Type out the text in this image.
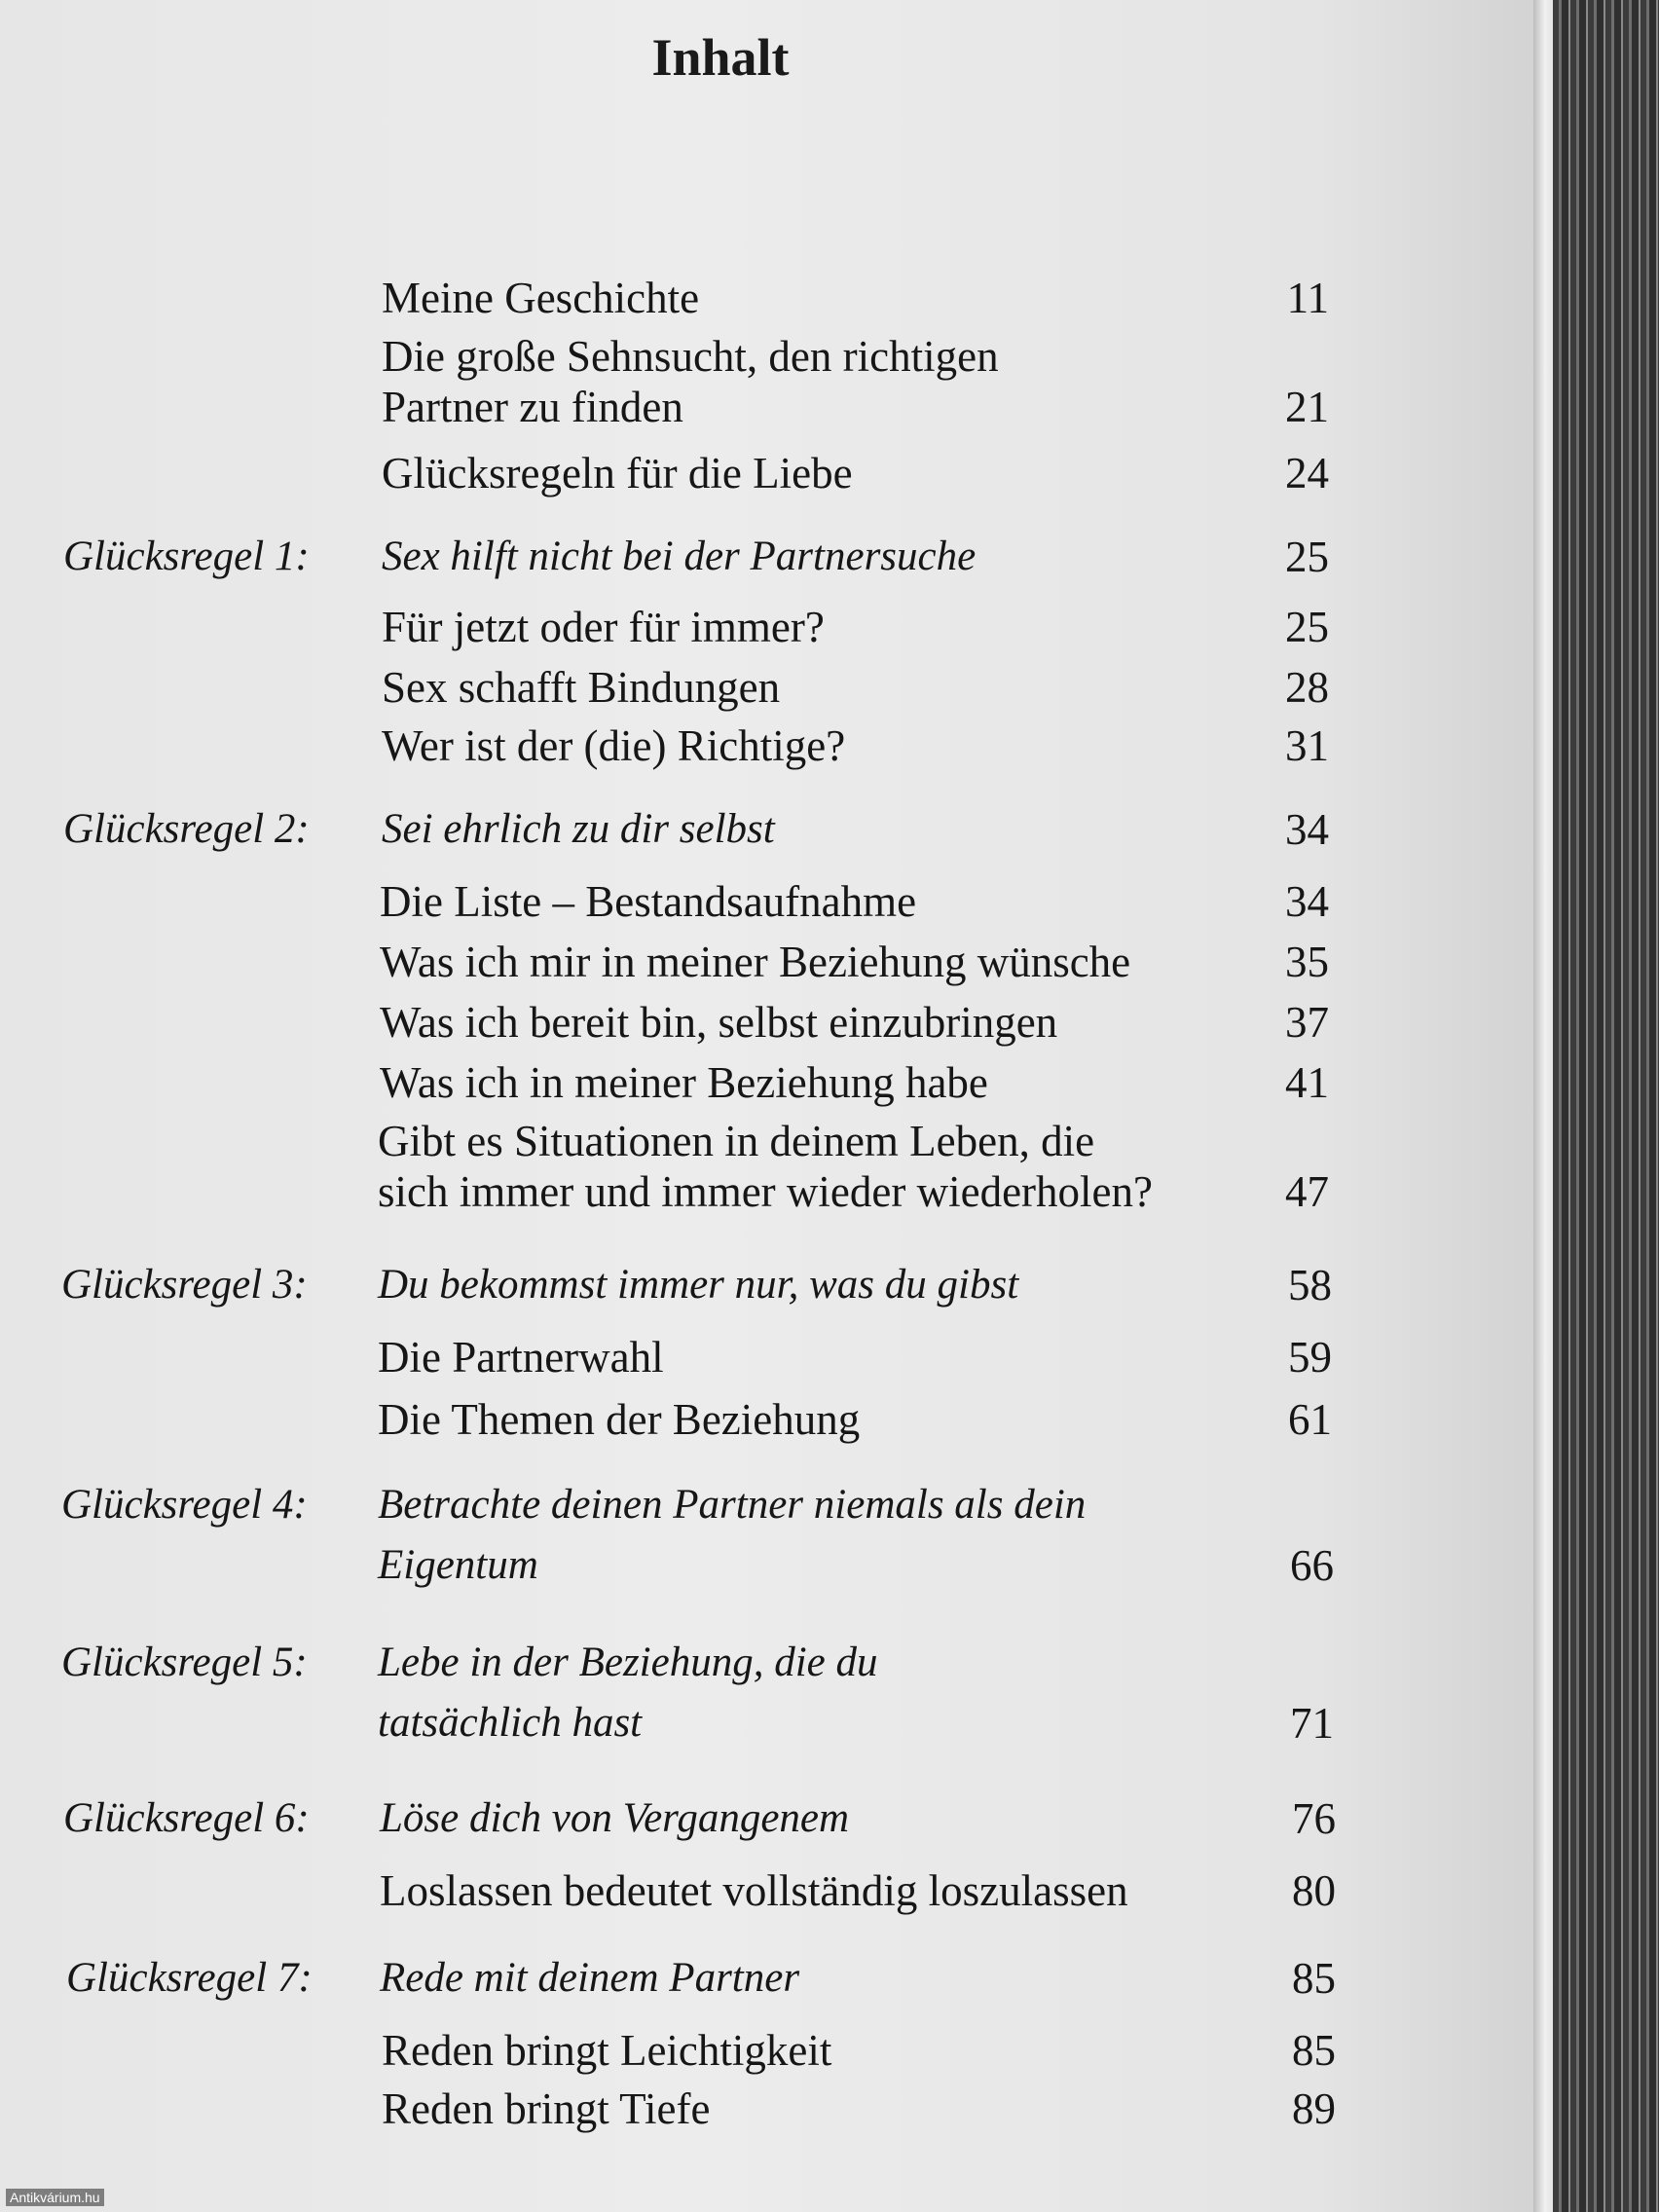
Inhalt
Meine Geschichte	11
Die große Sehnsucht, den richtigen
Partner zu finden	21
Glücksregeln für die Liebe	24
Glücksregel 1: Sex hilft nicht bei der Partnersuche	25
Für jetzt oder für immer?	25
Sex schafft Bindungen	28
Wer ist der (die) Richtige?	31
Glücksregel 2: Sei ehrlich zu dir selbst	34
Die Liste – Bestandsaufnahme	34
Was ich mir in meiner Beziehung wünsche	35
Was ich bereit bin, selbst einzubringen	37
Was ich in meiner Beziehung habe	41
Gibt es Situationen in deinem Leben, die
sich immer und immer wieder wiederholen?	47
Glücksregel 3: Du bekommst immer nur, was du gibst	58
Die Partnerwahl	59
Die Themen der Beziehung	61
Glücksregel 4: Betrachte deinen Partner niemals als dein
Eigentum	66
Glücksregel 5: Lebe in der Beziehung, die du
tatsächlich hast	71
Glücksregel 6: Löse dich von Vergangenem	76
Loslassen bedeutet vollständig loszulassen	80
Glücksregel 7: Rede mit deinem Partner	85
Reden bringt Leichtigkeit	85
Reden bringt Tiefe	89
Antikvárium.hu
